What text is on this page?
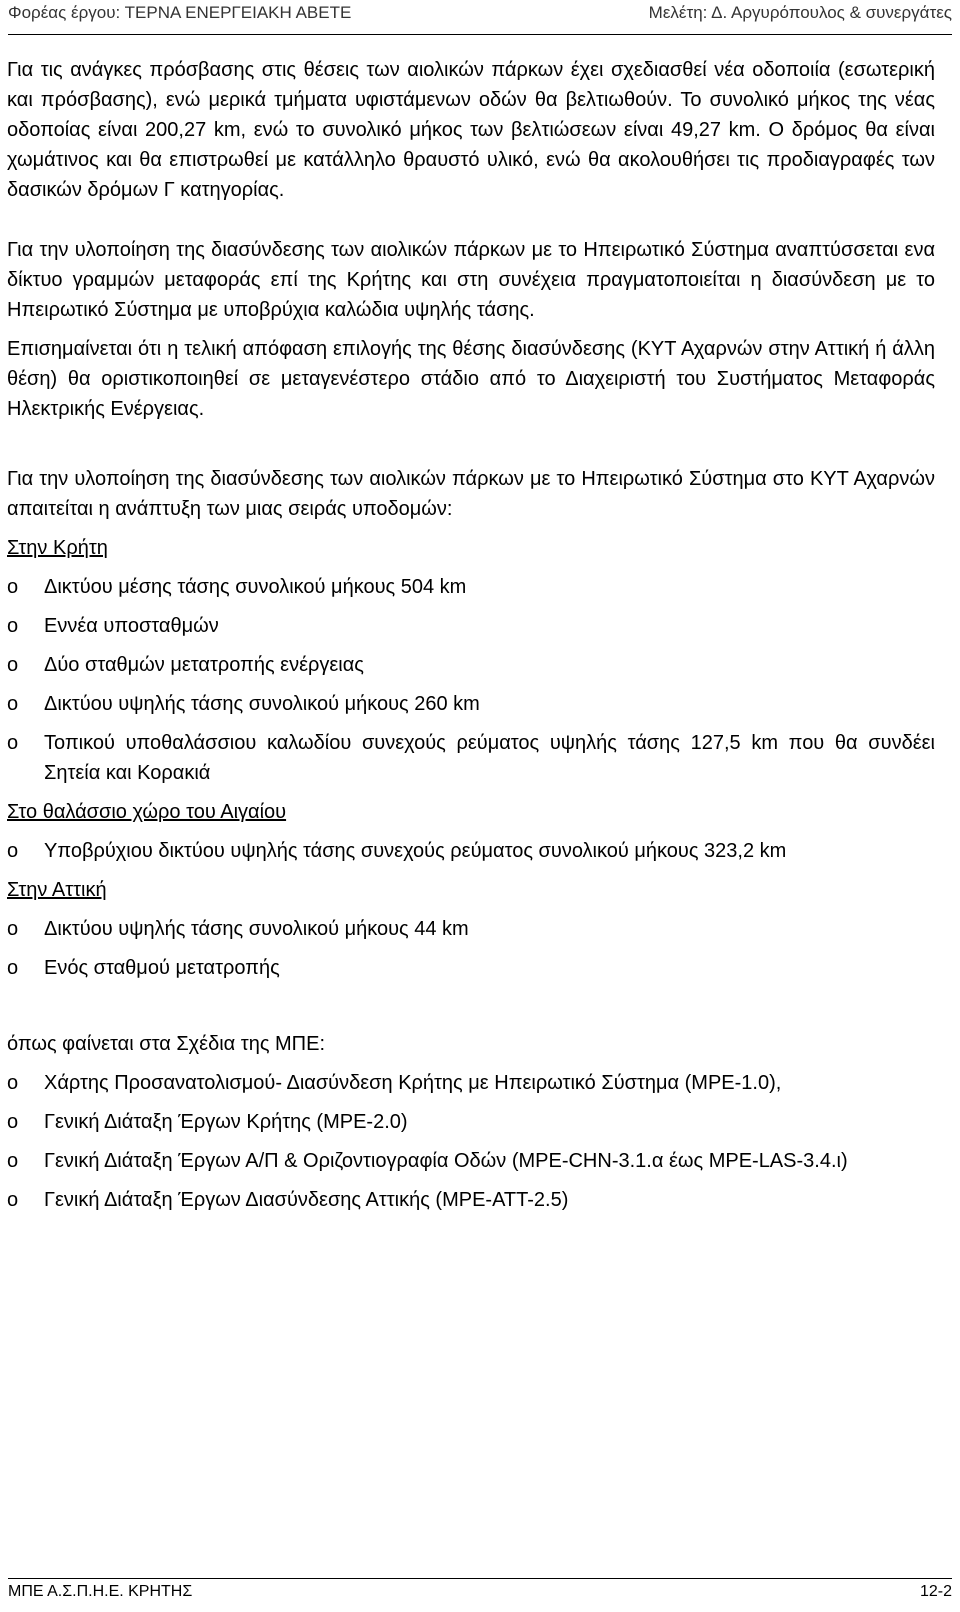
Φορέας έργου: ΤΕΡΝΑ ΕΝΕΡΓΕΙΑΚΗ ΑΒΕΤΕ	Μελέτη: Δ. Αργυρόπουλος & συνεργάτες

Για τις ανάγκες πρόσβασης στις θέσεις των αιολικών πάρκων έχει σχεδιασθεί νέα οδοποιία (εσωτερική και πρόσβασης), ενώ μερικά τμήματα υφιστάμενων οδών θα βελτιωθούν. Το συνολικό μήκος της νέας οδοποίας είναι 200,27 km, ενώ το συνολικό μήκος των βελτιώσεων είναι 49,27 km. Ο δρόμος θα είναι χωμάτινος και θα επιστρωθεί με κατάλληλο θραυστό υλικό, ενώ θα ακολουθήσει τις προδιαγραφές των δασικών δρόμων Γ κατηγορίας.

Για την υλοποίηση της διασύνδεσης των αιολικών πάρκων με το Ηπειρωτικό Σύστημα αναπτύσσεται ενα δίκτυο γραμμών μεταφοράς επί της Κρήτης και στη συνέχεια πραγματοποιείται η διασύνδεση με το Ηπειρωτικό Σύστημα με υποβρύχια καλώδια υψηλής τάσης.

Επισημαίνεται ότι η τελική απόφαση επιλογής της θέσης διασύνδεσης (ΚΥΤ Αχαρνών στην Αττική ή άλλη θέση) θα οριστικοποιηθεί σε μεταγενέστερο στάδιο από το Διαχειριστή του Συστήματος Μεταφοράς Ηλεκτρικής Ενέργειας.

Για την υλοποίηση της διασύνδεσης των αιολικών πάρκων με το Ηπειρωτικό Σύστημα στο ΚΥΤ Αχαρνών απαιτείται η ανάπτυξη των μιας σειράς υποδομών:

Στην Κρήτη

o Δικτύου μέσης τάσης συνολικού μήκους 504 km
o Εννέα υποσταθμών
o Δύο σταθμών μετατροπής ενέργειας
o Δικτύου υψηλής τάσης συνολικού μήκους 260 km
o Τοπικού υποθαλάσσιου καλωδίου συνεχούς ρεύματος υψηλής τάσης 127,5 km που θα συνδέει Σητεία και Κορακιά

Στο θαλάσσιο χώρο του Αιγαίου

o Υποβρύχιου δικτύου υψηλής τάσης συνεχούς ρεύματος συνολικού μήκους 323,2 km

Στην Αττική

o Δικτύου υψηλής τάσης συνολικού μήκους 44 km
o Ενός σταθμού μετατροπής

όπως φαίνεται στα Σχέδια της ΜΠΕ:

o Χάρτης Προσανατολισμού- Διασύνδεση Κρήτης με Ηπειρωτικό Σύστημα (MPE-1.0),
o Γενική Διάταξη Έργων Κρήτης (MPE-2.0)
o Γενική Διάταξη Έργων Α/Π & Οριζοντιογραφία Οδών (MPE-CHN-3.1.α έως MPE-LAS-3.4.ι)
o Γενική Διάταξη Έργων Διασύνδεσης Αττικής (MPE-ATT-2.5)
ΜΠΕ Α.Σ.Π.Η.Ε. ΚΡΗΤΗΣ	12-2
